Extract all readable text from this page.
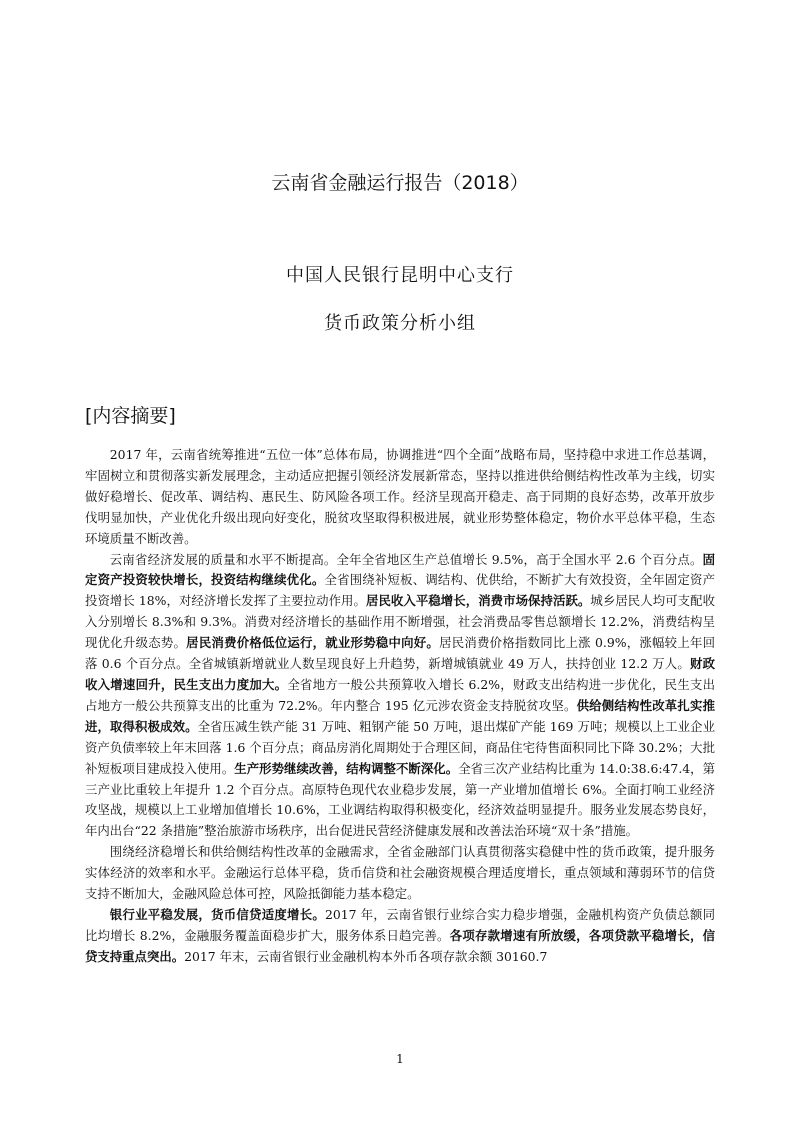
云南省金融运行报告（2018）
中国人民银行昆明中心支行
货币政策分析小组
[内容摘要]

2017 年，云南省统筹推进“五位一体”总体布局，协调推进“四个全面”战略布局，坚持稳中求进工作总基调，牢固树立和贯彻落实新发展理念，主动适应把握引领经济发展新常态，坚持以推进供给侧结构性改革为主线，切实做好稳增长、促改革、调结构、惠民生、防风险各项工作。经济呈现高开稳走、高于同期的良好态势，改革开放步伐明显加快，产业优化升级出现向好变化，脱贫攻坚取得积极进展，就业形势整体稳定，物价水平总体平稳，生态环境质量不断改善。

云南省经济发展的质量和水平不断提高。全年全省地区生产总值增长 9.5%，高于全国水平 2.6 个百分点。固定资产投资较快增长，投资结构继续优化。全省围绕补短板、调结构、优供给，不断扩大有效投资，全年固定资产投资增长 18%，对经济增长发挥了主要拉动作用。居民收入平稳增长，消费市场保持活跃。城乡居民人均可支配收入分别增长 8.3%和 9.3%。消费对经济增长的基础作用不断增强，社会消费品零售总额增长 12.2%，消费结构呈现优化升级态势。居民消费价格低位运行，就业形势稳中向好。居民消费价格指数同比上涨 0.9%，涨幅较上年回落 0.6 个百分点。全省城镇新增就业人数呈现良好上升趋势，新增城镇就业 49 万人，扶持创业 12.2 万人。财政收入增速回升，民生支出力度加大。全省地方一般公共预算收入增长 6.2%，财政支出结构进一步优化，民生支出占地方一般公共预算支出的比重为 72.2%。年内整合 195 亿元涉农资金支持脱贫攻坚。供给侧结构性改革扎实推进，取得积极成效。全省压减生铁产能 31 万吨、粗钢产能 50 万吨，退出煤矿产能 169 万吨；规模以上工业企业资产负债率较上年末回落 1.6 个百分点；商品房消化周期处于合理区间，商品住宅待售面积同比下降 30.2%；大批补短板项目建成投入使用。生产形势继续改善，结构调整不断深化。全省三次产业结构比重为 14.0:38.6:47.4，第三产业比重较上年提升 1.2 个百分点。高原特色现代农业稳步发展，第一产业增加值增长 6%。全面打响工业经济攻坚战，规模以上工业增加值增长 10.6%，工业调结构取得积极变化，经济效益明显提升。服务业发展态势良好，年内出台“22 条措施”整治旅游市场秩序，出台促进民营经济健康发展和改善法治环境“双十条”措施。

围绕经济稳增长和供给侧结构性改革的金融需求，全省金融部门认真贯彻落实稳健中性的货币政策，提升服务实体经济的效率和水平。金融运行总体平稳，货币信贷和社会融资规模合理适度增长，重点领域和薄弱环节的信贷支持不断加大，金融风险总体可控，风险抵御能力基本稳定。

银行业平稳发展，货币信贷适度增长。2017 年，云南省银行业综合实力稳步增强，金融机构资产负债总额同比均增长 8.2%，金融服务覆盖面稳步扩大，服务体系日趋完善。各项存款增速有所放缓，各项贷款平稳增长，信贷支持重点突出。2017 年末，云南省银行业金融机构本外币各项存款余额 30160.7

1
